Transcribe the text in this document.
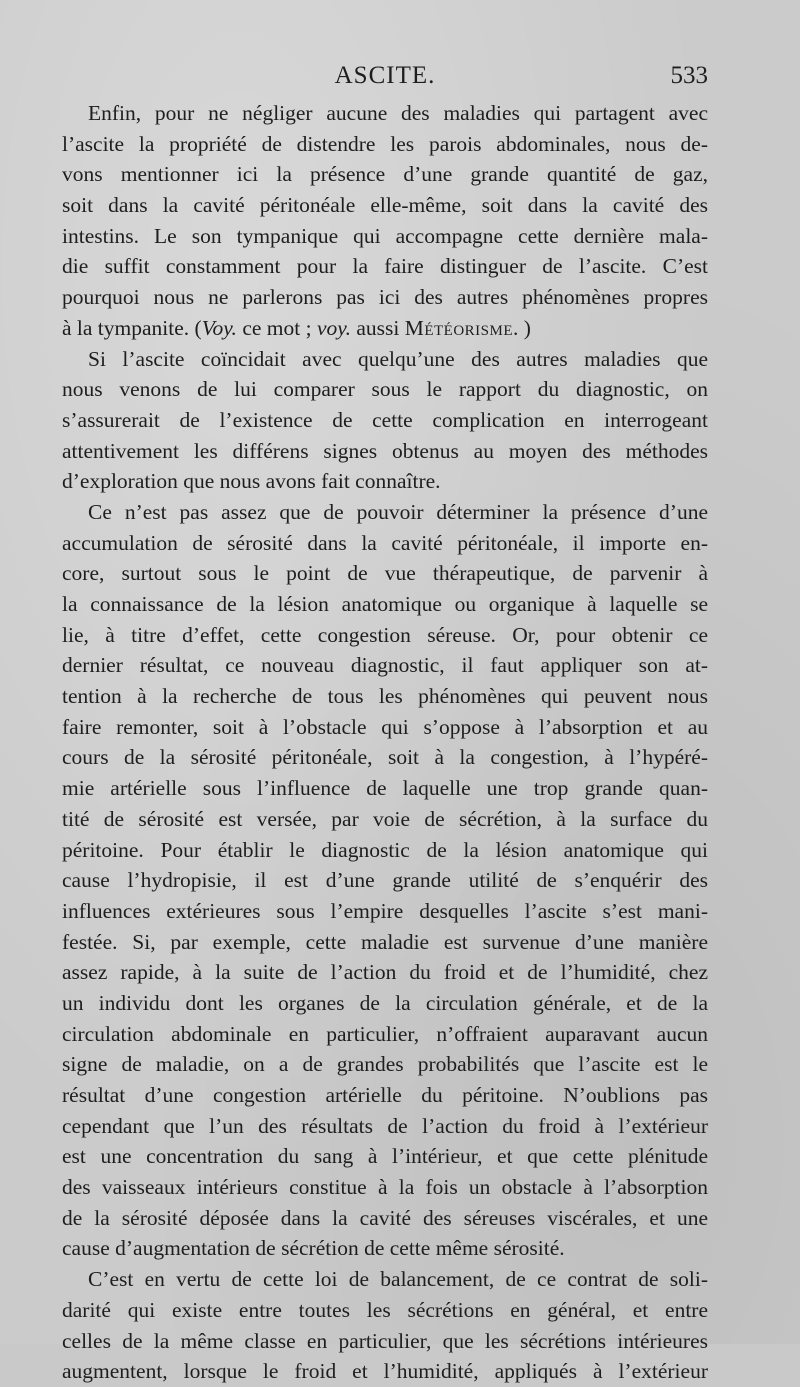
ASCITE.	533
Enfin, pour ne négliger aucune des maladies qui partagent avec
l’ascite la propriété de distendre les parois abdominales, nous de-
vons mentionner ici la présence d’une grande quantité de gaz,
soit dans la cavité péritonéale elle-même, soit dans la cavité des
intestins. Le son tympanique qui accompagne cette dernière mala-
die suffit constamment pour la faire distinguer de l’ascite. C’est
pourquoi nous ne parlerons pas ici des autres phénomènes propres
à la tympanite. (Voy. ce mot ; voy. aussi Météorisme. )
Si l’ascite coïncidait avec quelqu’une des autres maladies que
nous venons de lui comparer sous le rapport du diagnostic, on
s’assurerait de l’existence de cette complication en interrogeant
attentivement les différens signes obtenus au moyen des méthodes
d’exploration que nous avons fait connaître.
Ce n’est pas assez que de pouvoir déterminer la présence d’une
accumulation de sérosité dans la cavité péritonéale, il importe en-
core, surtout sous le point de vue thérapeutique, de parvenir à
la connaissance de la lésion anatomique ou organique à laquelle se
lie, à titre d’effet, cette congestion séreuse. Or, pour obtenir ce
dernier résultat, ce nouveau diagnostic, il faut appliquer son at-
tention à la recherche de tous les phénomènes qui peuvent nous
faire remonter, soit à l’obstacle qui s’oppose à l’absorption et au
cours de la sérosité péritonéale, soit à la congestion, à l’hypéré-
mie artérielle sous l’influence de laquelle une trop grande quan-
tité de sérosité est versée, par voie de sécrétion, à la surface du
péritoine. Pour établir le diagnostic de la lésion anatomique qui
cause l’hydropisie, il est d’une grande utilité de s’enquérir des
influences extérieures sous l’empire desquelles l’ascite s’est mani-
festée. Si, par exemple, cette maladie est survenue d’une manière
assez rapide, à la suite de l’action du froid et de l’humidité, chez
un individu dont les organes de la circulation générale, et de la
circulation abdominale en particulier, n’offraient auparavant aucun
signe de maladie, on a de grandes probabilités que l’ascite est le
résultat d’une congestion artérielle du péritoine. N’oublions pas
cependant que l’un des résultats de l’action du froid à l’extérieur
est une concentration du sang à l’intérieur, et que cette plénitude
des vaisseaux intérieurs constitue à la fois un obstacle à l’absorption
de la sérosité déposée dans la cavité des séreuses viscérales, et une
cause d’augmentation de sécrétion de cette même sérosité.
C’est en vertu de cette loi de balancement, de ce contrat de soli-
darité qui existe entre toutes les sécrétions en général, et entre
celles de la même classe en particulier, que les sécrétions intérieures
augmentent, lorsque le froid et l’humidité, appliqués à l’extérieur
